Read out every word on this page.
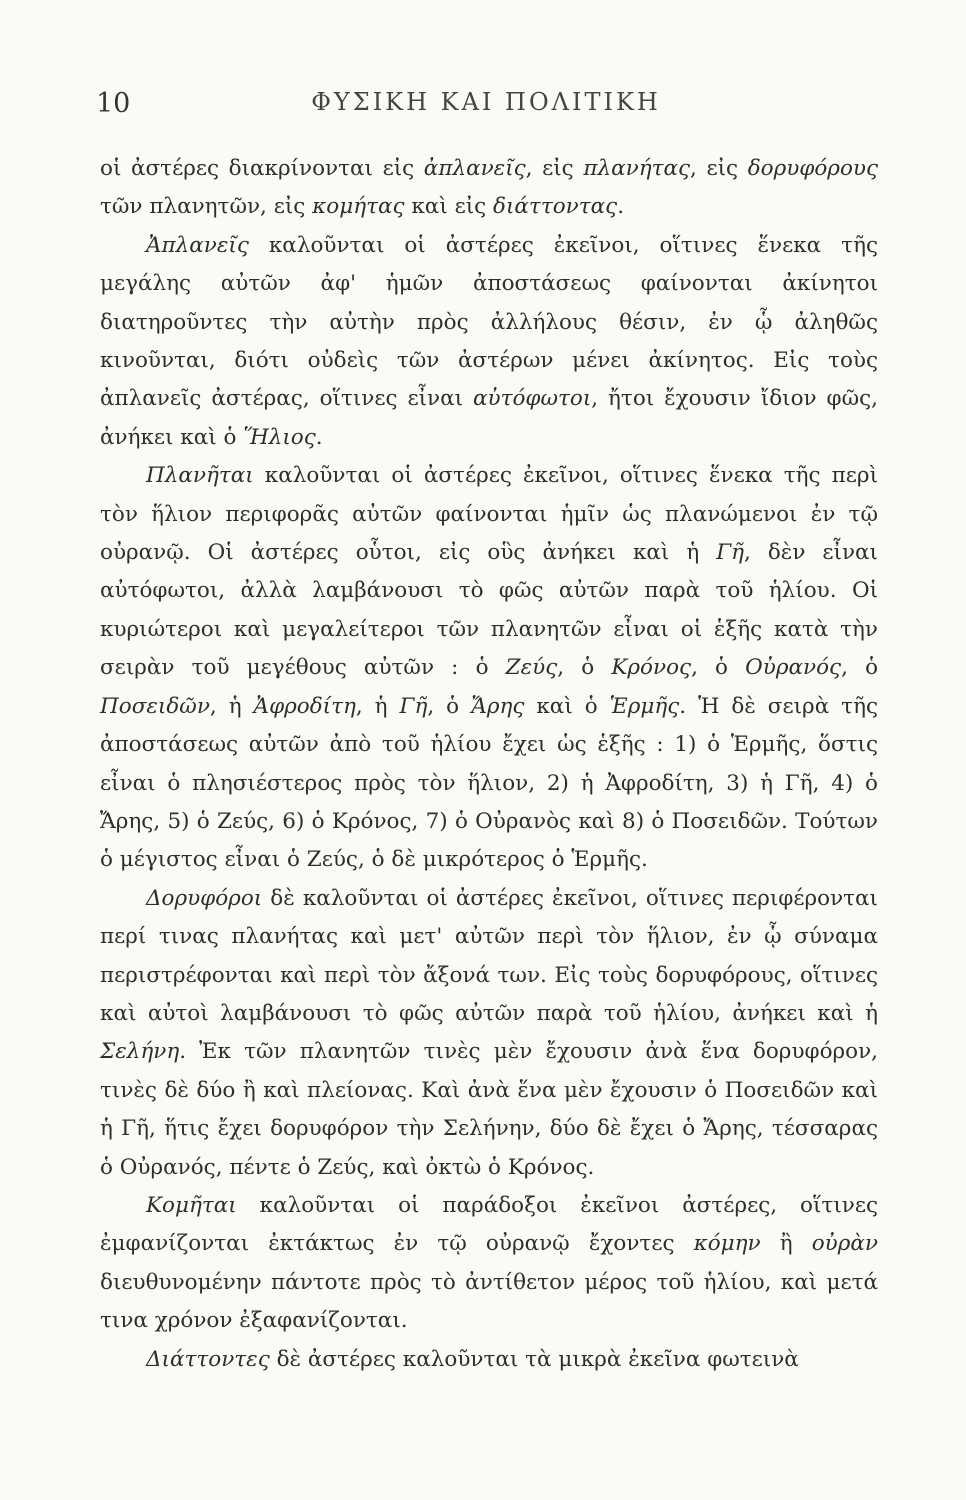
10	ΦΥΣΙΚΗ ΚΑΙ ΠΟΛΙΤΙΚΗ

οἱ ἀστέρες διακρίνονται εἰς ἀπλανεῖς, εἰς πλανήτας, εἰς δορυφόρους τῶν πλανητῶν, εἰς κομήτας καὶ εἰς διάττοντας.

Ἀπλανεῖς καλοῦνται οἱ ἀστέρες ἐκεῖνοι, οἵτινες ἕνεκα τῆς μεγάλης αὐτῶν ἀφ' ἡμῶν ἀποστάσεως φαίνονται ἀκίνητοι διατηροῦντες τὴν αὐτὴν πρὸς ἀλλήλους θέσιν, ἐν ᾧ ἀληθῶς κινοῦνται, διότι οὐδεὶς τῶν ἀστέρων μένει ἀκίνητος. Εἰς τοὺς ἀπλανεῖς ἀστέρας, οἵτινες εἶναι αὐτόφωτοι, ἤτοι ἔχουσιν ἴδιον φῶς, ἀνήκει καὶ ὁ Ἥλιος.

Πλανῆται καλοῦνται οἱ ἀστέρες ἐκεῖνοι, οἵτινες ἕνεκα τῆς περὶ τὸν ἥλιον περιφορᾶς αὐτῶν φαίνονται ἡμῖν ὡς πλανώμενοι ἐν τῷ οὐρανῷ. Οἱ ἀστέρες οὗτοι, εἰς οὓς ἀνήκει καὶ ἡ Γῆ, δὲν εἶναι αὐτόφωτοι, ἀλλὰ λαμβάνουσι τὸ φῶς αὐτῶν παρὰ τοῦ ἡλίου. Οἱ κυριώτεροι καὶ μεγαλείτεροι τῶν πλανητῶν εἶναι οἱ ἑξῆς κατὰ τὴν σειρὰν τοῦ μεγέθους αὐτῶν : ὁ Ζεύς, ὁ Κρόνος, ὁ Οὐρανός, ὁ Ποσειδῶν, ἡ Ἀφροδίτη, ἡ Γῆ, ὁ Ἄρης καὶ ὁ Ἑρμῆς. Ἡ δὲ σειρὰ τῆς ἀποστάσεως αὐτῶν ἀπὸ τοῦ ἡλίου ἔχει ὡς ἑξῆς : 1) ὁ Ἑρμῆς, ὅστις εἶναι ὁ πλησιέστερος πρὸς τὸν ἥλιον, 2) ἡ Ἀφροδίτη, 3) ἡ Γῆ, 4) ὁ Ἄρης, 5) ὁ Ζεύς, 6) ὁ Κρόνος, 7) ὁ Οὐρανὸς καὶ 8) ὁ Ποσειδῶν. Τούτων ὁ μέγιστος εἶναι ὁ Ζεύς, ὁ δὲ μικρότερος ὁ Ἑρμῆς.

Δορυφόροι δὲ καλοῦνται οἱ ἀστέρες ἐκεῖνοι, οἵτινες περιφέρονται περί τινας πλανήτας καὶ μετ' αὐτῶν περὶ τὸν ἥλιον, ἐν ᾧ σύναμα περιστρέφονται καὶ περὶ τὸν ἄξονά των. Εἰς τοὺς δορυφόρους, οἵτινες καὶ αὐτοὶ λαμβάνουσι τὸ φῶς αὐτῶν παρὰ τοῦ ἡλίου, ἀνήκει καὶ ἡ Σελήνη. Ἐκ τῶν πλανητῶν τινὲς μὲν ἔχουσιν ἀνὰ ἕνα δορυφόρον, τινὲς δὲ δύο ἢ καὶ πλείονας. Καὶ ἀνὰ ἕνα μὲν ἔχουσιν ὁ Ποσειδῶν καὶ ἡ Γῆ, ἥτις ἔχει δορυφόρον τὴν Σελήνην, δύο δὲ ἔχει ὁ Ἄρης, τέσσαρας ὁ Οὐρανός, πέντε ὁ Ζεύς, καὶ ὀκτὼ ὁ Κρόνος.

Κομῆται καλοῦνται οἱ παράδοξοι ἐκεῖνοι ἀστέρες, οἵτινες ἐμφανίζονται ἐκτάκτως ἐν τῷ οὐρανῷ ἔχοντες κόμην ἢ οὐρὰν διευθυνομένην πάντοτε πρὸς τὸ ἀντίθετον μέρος τοῦ ἡλίου, καὶ μετά τινα χρόνον ἐξαφανίζονται.

Διάττοντες δὲ ἀστέρες καλοῦνται τὰ μικρὰ ἐκεῖνα φωτεινὰ
